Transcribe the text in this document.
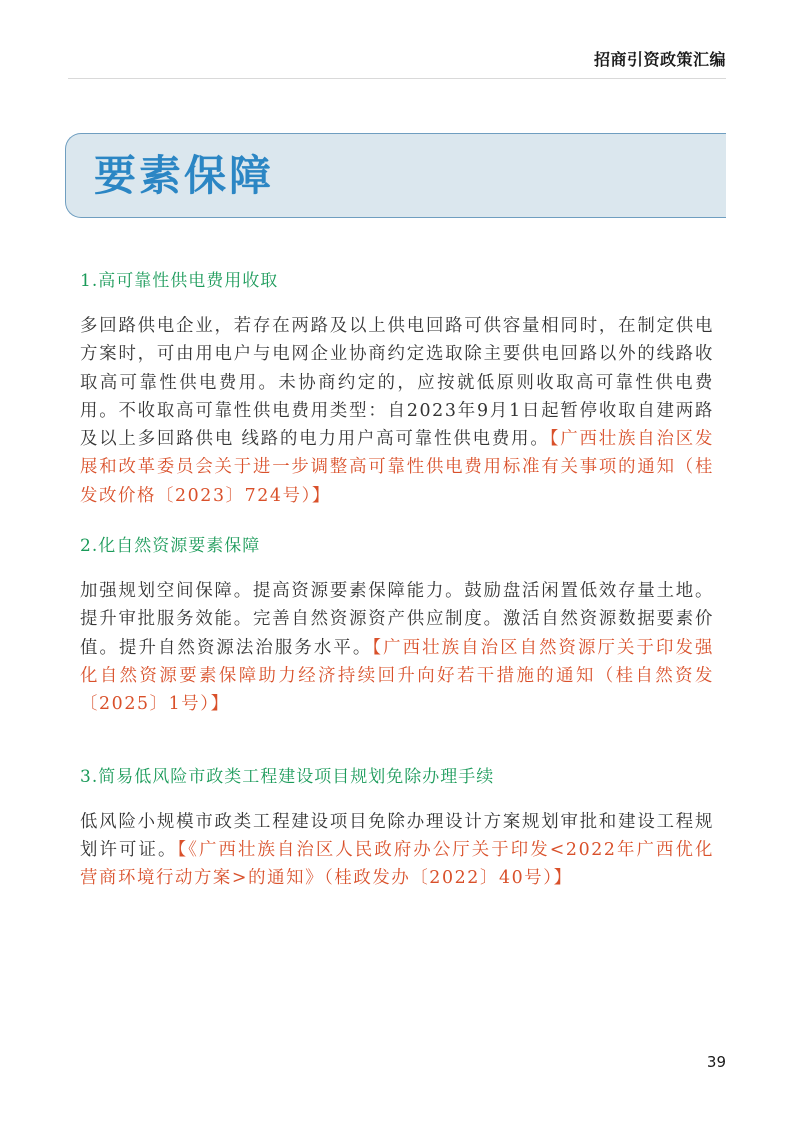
招商引资政策汇编
要素保障
1.高可靠性供电费用收取
多回路供电企业，若存在两路及以上供电回路可供容量相同时，在制定供电方案时，可由用电户与电网企业协商约定选取除主要供电回路以外的线路收 取高可靠性供电费用。未协商约定的，应按就低原则收取高可靠性供电费用。不收取高可靠性供电费用类型：自2023年9月1日起暂停收取自建两路及以上多回路供电 线路的电力用户高可靠性供电费用。【广西壮族自治区发展和改革委员会关于进一步调整高可靠性供电费用标准有关事项的通知（桂发改价格〔2023〕724号）】
2.化自然资源要素保障
加强规划空间保障。提高资源要素保障能力。鼓励盘活闲置低效存量土地。提升审批服务效能。完善自然资源资产供应制度。激活自然资源数据要素价值。提升自然资源法治服务水平。【广西壮族自治区自然资源厅关于印发强化自然资源要素保障助力经济持续回升向好若干措施的通知（桂自然资发〔2025〕1号）】
3.简易低风险市政类工程建设项目规划免除办理手续
低风险小规模市政类工程建设项目免除办理设计方案规划审批和建设工程规划许可证。【《广西壮族自治区人民政府办公厅关于印发<2022年广西优化营商环境行动方案>的通知》（桂政发办〔2022〕40号）】
39
